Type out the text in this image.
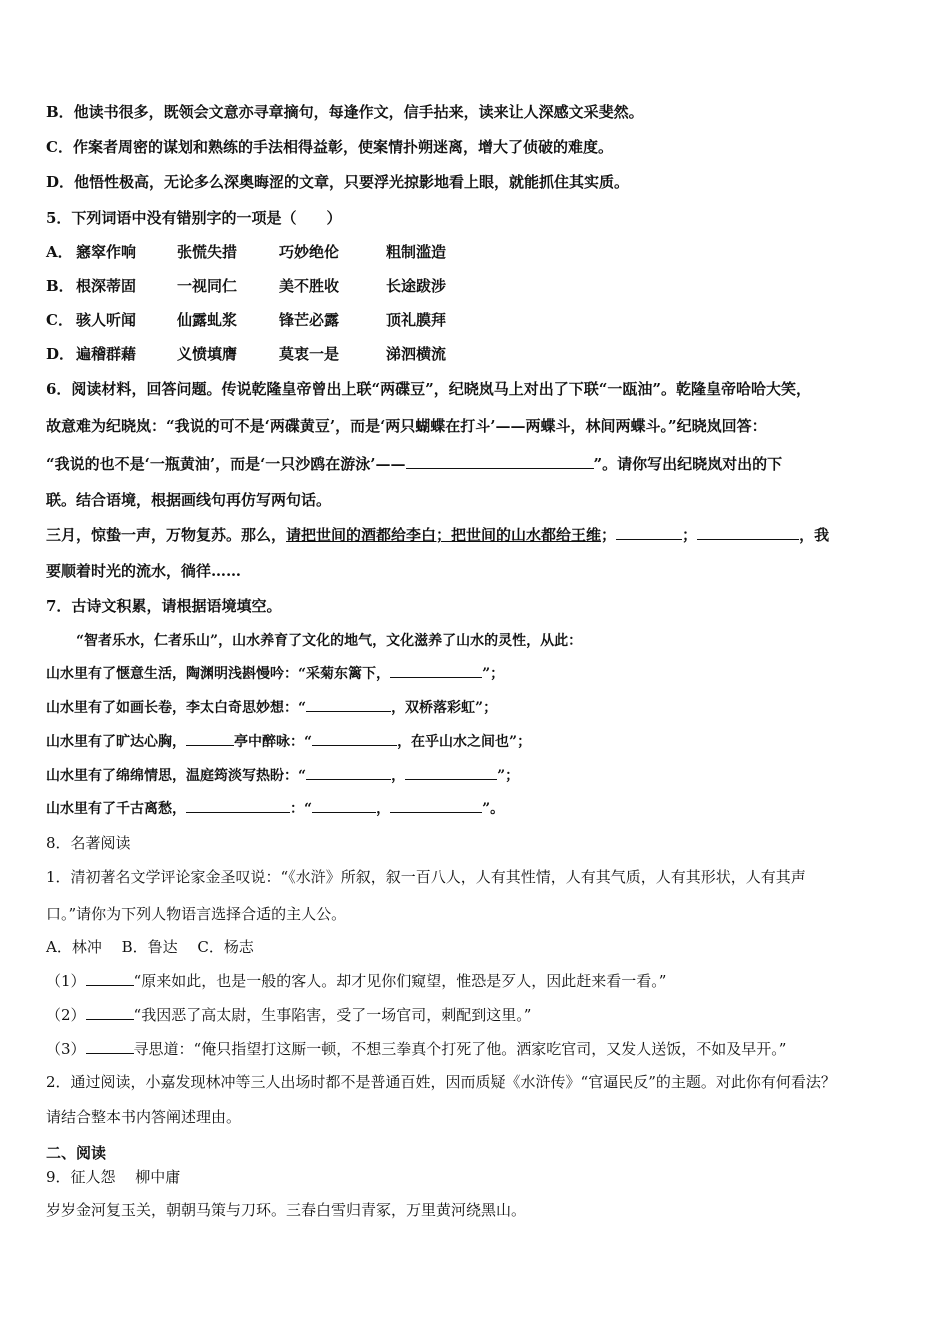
B．他读书很多，既领会文意亦寻章摘句，每逢作文，信手拈来，读来让人深感文采斐然。
C．作案者周密的谋划和熟练的手法相得益彰，使案情扑朔迷离，增大了侦破的难度。
D．他悟性极高，无论多么深奥晦涩的文章，只要浮光掠影地看上眼，就能抓住其实质。
5．下列词语中没有错别字的一项是（　　）
A． 窸窣作响	张慌失措	巧妙绝伦	粗制滥造
B． 根深蒂固	一视同仁	美不胜收	长途跋涉
C． 骇人听闻	仙露虬浆	锋芒必露	顶礼膜拜
D． 遍稽群藉	义愤填膺	莫衷一是	涕泗横流
6．阅读材料，回答问题。传说乾隆皇帝曾出上联“两碟豆”，纪晓岚马上对出了下联“一瓯油”。乾隆皇帝哈哈大笑，
故意难为纪晓岚：“我说的可不是‘两碟黄豆’，而是‘两只蝴蝶在打斗’——两蝶斗，林间两蝶斗。”纪晓岚回答：
“我说的也不是‘一瓶黄油’，而是‘一只沙鸥在游泳’——	”。请你写出纪晓岚对出的下
联。结合语境，根据画线句再仿写两句话。
三月，惊蛰一声，万物复苏。那么，请把世间的酒都给李白；把世间的山水都给王维；	；	，我
要顺着时光的流水，徜徉……
7．古诗文积累，请根据语境填空。
“智者乐水，仁者乐山”，山水养育了文化的地气，文化滋养了山水的灵性，从此：
山水里有了惬意生活，陶渊明浅斟慢吟：“采菊东篱下，	”；
山水里有了如画长卷，李太白奇思妙想：“	，双桥落彩虹”；
山水里有了旷达心胸，	亭中醉咏：“	，在乎山水之间也”；
山水里有了绵绵情思，温庭筠淡写热盼：“	，	”；
山水里有了千古离愁，	：“	，	”。
8．名著阅读
1．清初著名文学评论家金圣叹说：“《水浒》所叙，叙一百八人，人有其性情，人有其气质，人有其形状，人有其声
口。”请你为下列人物语言选择合适的主人公。
A．林冲　 B．鲁达　 C．杨志
（1）	“原来如此，也是一般的客人。却才见你们窥望，惟恐是歹人，因此赶来看一看。”
（2）	“我因恶了高太尉，生事陷害，受了一场官司，刺配到这里。”
（3）	寻思道：“俺只指望打这厮一顿，不想三拳真个打死了他。洒家吃官司，又发人送饭，不如及早开。”
2．通过阅读，小嘉发现林冲等三人出场时都不是普通百姓，因而质疑《水浒传》“官逼民反”的主题。对此你有何看法？
请结合整本书内答阐述理由。
二、阅读
9．征人怨　 柳中庸
岁岁金河复玉关，朝朝马策与刀环。三春白雪归青冢，万里黄河绕黑山。
